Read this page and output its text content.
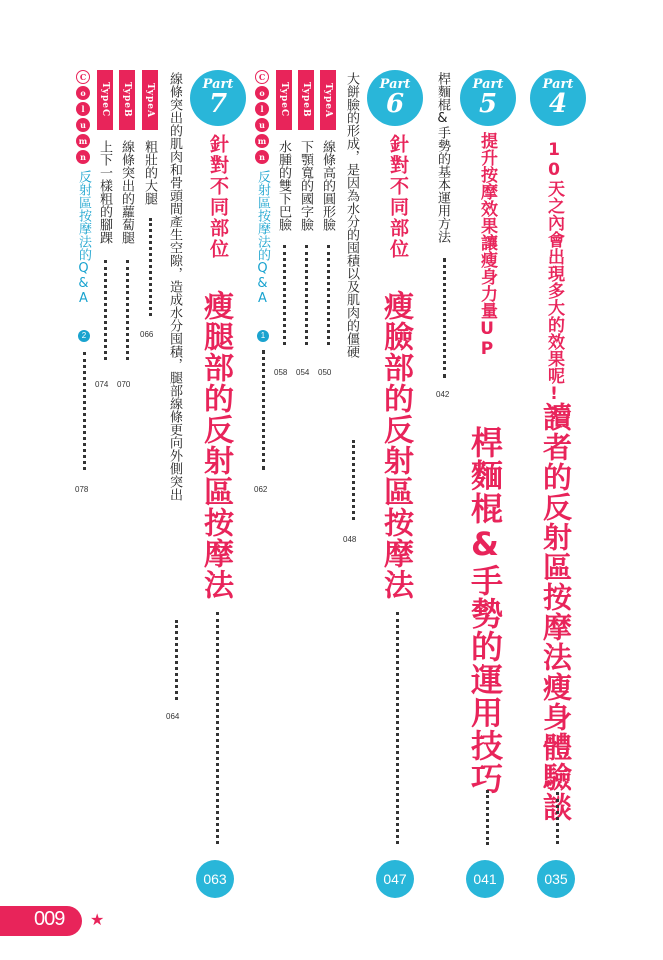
Part
4
10天之內會出現多大的效果呢!?
讀者的反射區按摩法瘦身體驗談
035
Part
5
桿麵棍&手勢的基本運用方法
042
提升按摩效果讓瘦身力量UP
桿麵棍&手勢的運用技巧
041
Part
6
針對不同部位
瘦臉部的反射區按摩法
047
大餅臉的形成，是因為水分的囤積以及肌肉的僵硬
048
TypeA
線條高的圓形臉
050
TypeB
下顎寬的國字臉
054
TypeC
水腫的雙下巴臉
058
C
o
l
u
m
n
反射區按摩法的Q&A
1
062
Part
7
針對不同部位
瘦腿部的反射區按摩法
063
線條突出的肌肉和骨頭間產生空隙，造成水分囤積，腿部線條更向外側突出
064
TypeA
粗壯的大腿
066
TypeB
線條突出的蘿蔔腿
070
TypeC
上下一樣粗的腳踝
074
C
o
l
u
m
n
反射區按摩法的Q&A
2
078
009 ★
